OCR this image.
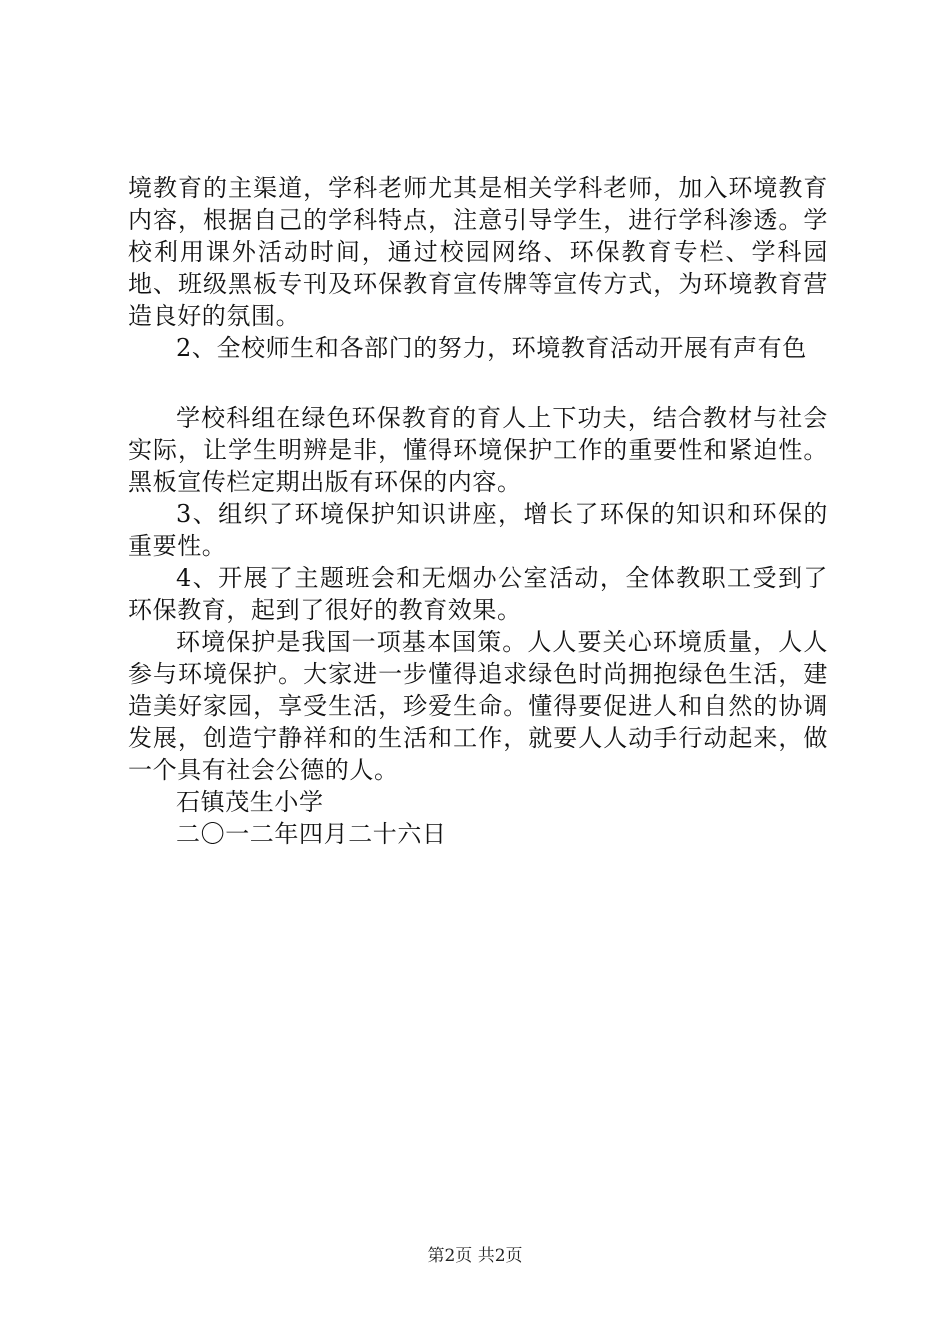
境教育的主渠道，学科老师尤其是相关学科老师，加入环境教育内容，根据自己的学科特点，注意引导学生，进行学科渗透。学校利用课外活动时间，通过校园网络、环保教育专栏、学科园地、班级黑板专刊及环保教育宣传牌等宣传方式，为环境教育营造良好的氛围。

2、全校师生和各部门的努力，环境教育活动开展有声有色

学校科组在绿色环保教育的育人上下功夫，结合教材与社会实际，让学生明辨是非，懂得环境保护工作的重要性和紧迫性。黑板宣传栏定期出版有环保的内容。

3、组织了环境保护知识讲座，增长了环保的知识和环保的重要性。

4、开展了主题班会和无烟办公室活动，全体教职工受到了环保教育，起到了很好的教育效果。

环境保护是我国一项基本国策。人人要关心环境质量，人人参与环境保护。大家进一步懂得追求绿色时尚拥抱绿色生活，建造美好家园，享受生活，珍爱生命。懂得要促进人和自然的协调发展，创造宁静祥和的生活和工作，就要人人动手行动起来，做一个具有社会公德的人。

石镇茂生小学

二〇一二年四月二十六日

第2页 共2页
